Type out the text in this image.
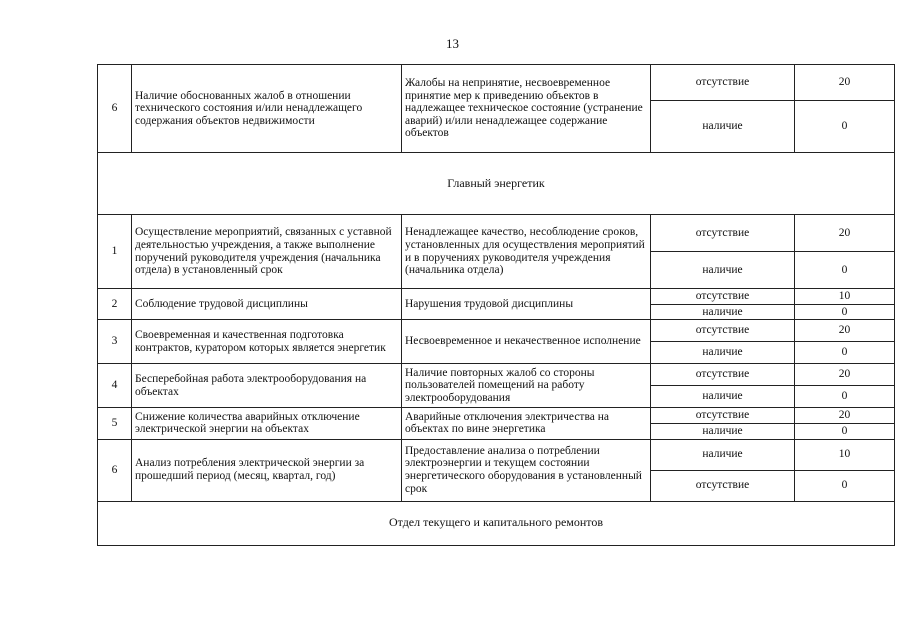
13
6	Наличие обоснованных жалоб в отношении технического состояния и/или ненадлежащего содержания объектов недвижимости	Жалобы на непринятие, несвоевременное принятие мер к приведению объектов в надлежащее техническое состояние (устранение аварий) и/или ненадлежащее содержание объектов	отсутствие	20
			наличие	0
Главный энергетик				
1	Осуществление мероприятий, связанных с уставной деятельностью учреждения, а также выполнение поручений руководителя учреждения (начальника отдела) в установленный срок	Ненадлежащее качество, несоблюдение сроков, установленных для осуществления мероприятий и в поручениях руководителя учреждения (начальника отдела)	отсутствие	20
			наличие	0
2	Соблюдение трудовой дисциплины	Нарушения трудовой дисциплины	отсутствие	10
			наличие	0
3	Своевременная и качественная подготовка контрактов, куратором которых является энергетик	Несвоевременное и некачественное исполнение	отсутствие	20
			наличие	0
4	Бесперебойная работа электрооборудования на объектах	Наличие повторных жалоб со стороны пользователей помещений на работу электрооборудования	отсутствие	20
			наличие	0
5	Снижение количества аварийных отключение электрической энергии на объектах	Аварийные отключения электричества на объектах по вине энергетика	отсутствие	20
			наличие	0
6	Анализ потребления электрической энергии за прошедший период (месяц, квартал, год)	Предоставление анализа о потреблении электроэнергии и текущем состоянии энергетического оборудования в установленный срок	наличие	10
			отсутствие	0
Отдел текущего и капитального ремонтов				
